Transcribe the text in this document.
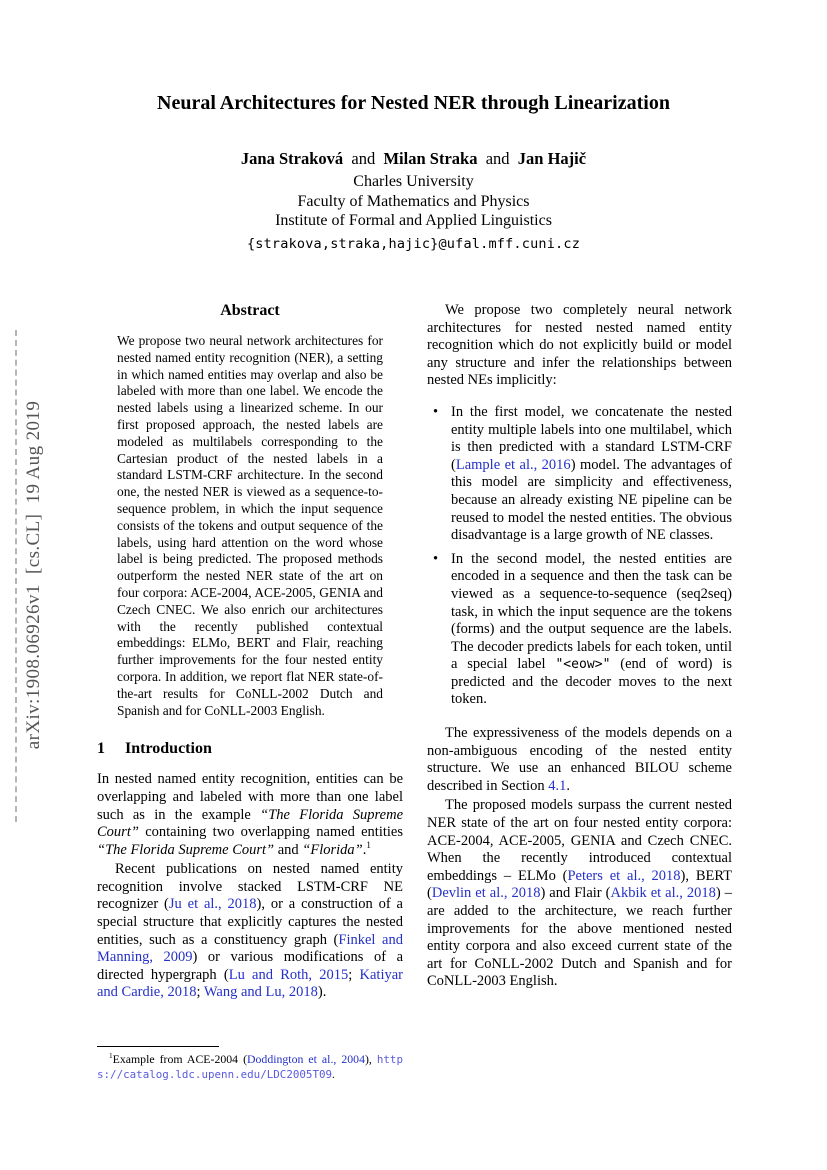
arXiv:1908.06926v1  [cs.CL]  19 Aug 2019
Neural Architectures for Nested NER through Linearization
Jana Straková  and  Milan Straka  and  Jan Hajič
Charles University
Faculty of Mathematics and Physics
Institute of Formal and Applied Linguistics
{strakova,straka,hajic}@ufal.mff.cuni.cz
Abstract
We propose two neural network architectures for nested named entity recognition (NER), a setting in which named entities may overlap and also be labeled with more than one label. We encode the nested labels using a linearized scheme. In our first proposed approach, the nested labels are modeled as multilabels corresponding to the Cartesian product of the nested labels in a standard LSTM-CRF architecture. In the second one, the nested NER is viewed as a sequence-to-sequence problem, in which the input sequence consists of the tokens and output sequence of the labels, using hard attention on the word whose label is being predicted. The proposed methods outperform the nested NER state of the art on four corpora: ACE-2004, ACE-2005, GENIA and Czech CNEC. We also enrich our architectures with the recently published contextual embeddings: ELMo, BERT and Flair, reaching further improvements for the four nested entity corpora. In addition, we report flat NER state-of-the-art results for CoNLL-2002 Dutch and Spanish and for CoNLL-2003 English.
1 Introduction

In nested named entity recognition, entities can be overlapping and labeled with more than one label such as in the example “The Florida Supreme Court” containing two overlapping named entities “The Florida Supreme Court” and “Florida”.$^1$

Recent publications on nested named entity recognition involve stacked LSTM-CRF NE recognizer (Ju et al., 2018), or a construction of a special structure that explicitly captures the nested entities, such as a constituency graph (Finkel and Manning, 2009) or various modifications of a directed hypergraph (Lu and Roth, 2015; Katiyar and Cardie, 2018; Wang and Lu, 2018).

$^1$Example from ACE-2004 (Doddington et al., 2004), https://catalog.ldc.upenn.edu/LDC2005T09.

We propose two completely neural network architectures for nested nested named entity recognition which do not explicitly build or model any structure and infer the relationships between nested NEs implicitly:

• In the first model, we concatenate the nested entity multiple labels into one multilabel, which is then predicted with a standard LSTM-CRF (Lample et al., 2016) model. The advantages of this model are simplicity and effectiveness, because an already existing NE pipeline can be reused to model the nested entities. The obvious disadvantage is a large growth of NE classes.

• In the second model, the nested entities are encoded in a sequence and then the task can be viewed as a sequence-to-sequence (seq2seq) task, in which the input sequence are the tokens (forms) and the output sequence are the labels. The decoder predicts labels for each token, until a special label "<eow>" (end of word) is predicted and the decoder moves to the next token.

The expressiveness of the models depends on a non-ambiguous encoding of the nested entity structure. We use an enhanced BILOU scheme described in Section 4.1.

The proposed models surpass the current nested NER state of the art on four nested entity corpora: ACE-2004, ACE-2005, GENIA and Czech CNEC. When the recently introduced contextual embeddings – ELMo (Peters et al., 2018), BERT (Devlin et al., 2018) and Flair (Akbik et al., 2018) – are added to the architecture, we reach further improvements for the above mentioned nested entity corpora and also exceed current state of the art for CoNLL-2002 Dutch and Spanish and for CoNLL-2003 English.
